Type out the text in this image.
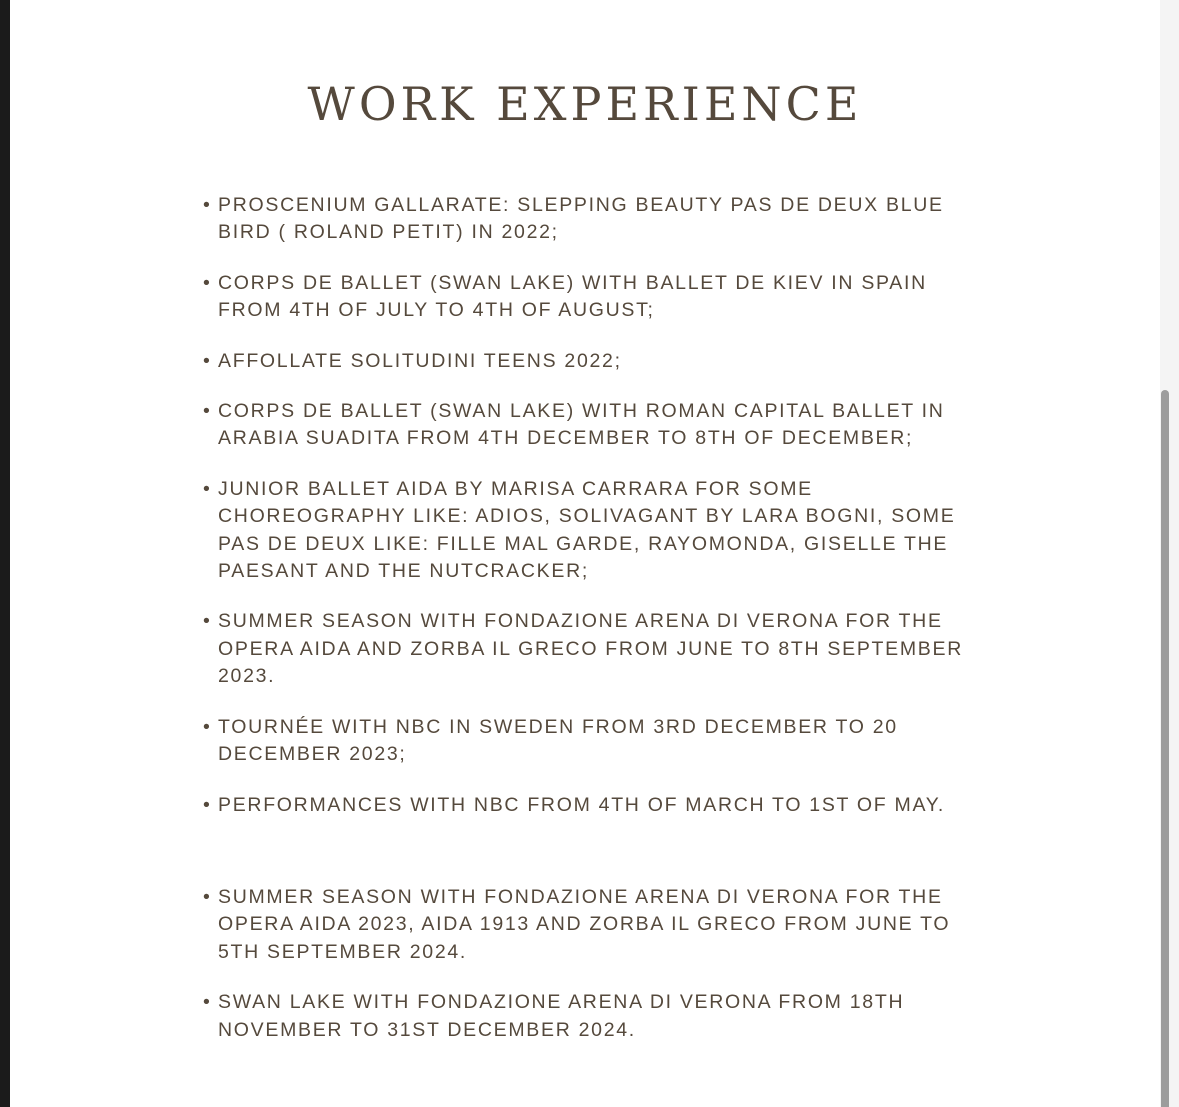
WORK EXPERIENCE
• PROSCENIUM GALLARATE: SLEPPING BEAUTY PAS DE DEUX BLUE BIRD ( ROLAND PETIT) IN 2022;
• CORPS DE BALLET (SWAN LAKE) WITH BALLET DE KIEV IN SPAIN FROM 4TH OF JULY TO 4TH OF AUGUST;
• AFFOLLATE SOLITUDINI TEENS 2022;
• CORPS DE BALLET (SWAN LAKE) WITH ROMAN CAPITAL BALLET IN ARABIA SUADITA FROM 4TH DECEMBER TO 8TH OF DECEMBER;
• JUNIOR BALLET AIDA BY MARISA CARRARA FOR SOME CHOREOGRAPHY LIKE: ADIOS, SOLIVAGANT BY LARA BOGNI, SOME PAS DE DEUX LIKE: FILLE MAL GARDE, RAYOMONDA, GISELLE THE PAESANT AND THE NUTCRACKER;
• SUMMER SEASON WITH FONDAZIONE ARENA DI VERONA FOR THE OPERA AIDA AND ZORBA IL GRECO FROM JUNE TO 8TH SEPTEMBER 2023.
• TOURNÉE WITH NBC IN SWEDEN FROM 3RD DECEMBER TO 20 DECEMBER 2023;
• PERFORMANCES WITH NBC FROM 4TH OF MARCH TO 1ST OF MAY.
• SUMMER SEASON WITH FONDAZIONE ARENA DI VERONA FOR THE OPERA AIDA 2023, AIDA 1913 AND ZORBA IL GRECO FROM JUNE TO 5TH SEPTEMBER 2024.
• SWAN LAKE WITH FONDAZIONE ARENA DI VERONA FROM 18TH NOVEMBER TO 31ST DECEMBER 2024.
